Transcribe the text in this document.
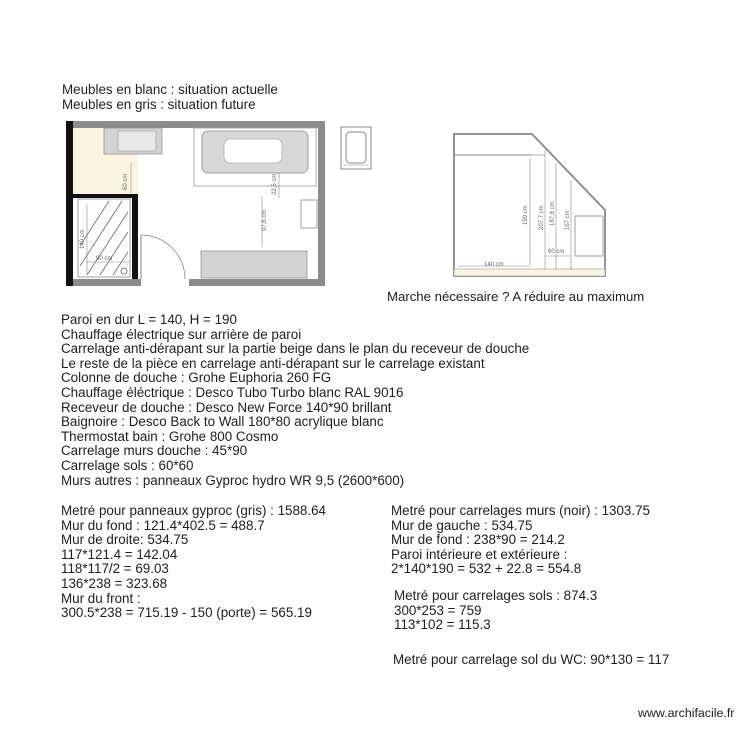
Meubles en blanc : situation actuelle
Meubles en gris : situation future
60 cm
140 cm
90 cm
22,5 cm
97,6 cm
140 cm
190 cm 207,7 cm 187,8 cm 167 cm
60 cm
Marche nécessaire ? A réduire au maximum
Paroi en dur L = 140, H = 190
Chauffage électrique sur arrière de paroi
Carrelage anti-dérapant sur la partie beige dans le plan du receveur de douche
Le reste de la pièce en carrelage anti-dérapant sur le carrelage existant
Colonne de douche : Grohe Euphoria 260 FG
Chauffage éléctrique : Desco Tubo Turbo blanc RAL 9016
Receveur de douche : Desco New Force 140*90 brillant
Baignoire : Desco Back to Wall 180*80 acrylique blanc
Thermostat bain : Grohe 800 Cosmo
Carrelage murs douche : 45*90
Carrelage sols : 60*60
Murs autres : panneaux Gyproc hydro WR 9,5 (2600*600)
Metré pour panneaux gyproc (gris) : 1588.64
Mur du fond : 121.4*402.5 = 488.7
Mur de droite: 534.75
117*121.4 = 142.04
118*117/2 = 69.03
136*238 = 323.68
Mur du front :
300.5*238 = 715.19 - 150 (porte) = 565.19
Metré pour carrelages murs (noir) : 1303.75
Mur de gauche : 534.75
Mur de fond : 238*90 = 214.2
Paroi intérieure et extérieure :
2*140*190 = 532 + 22.8 = 554.8
Metré pour carrelages sols : 874.3
300*253 = 759
113*102 = 115.3
Metré pour carrelage sol du WC: 90*130 = 117
www.archifacile.fr
